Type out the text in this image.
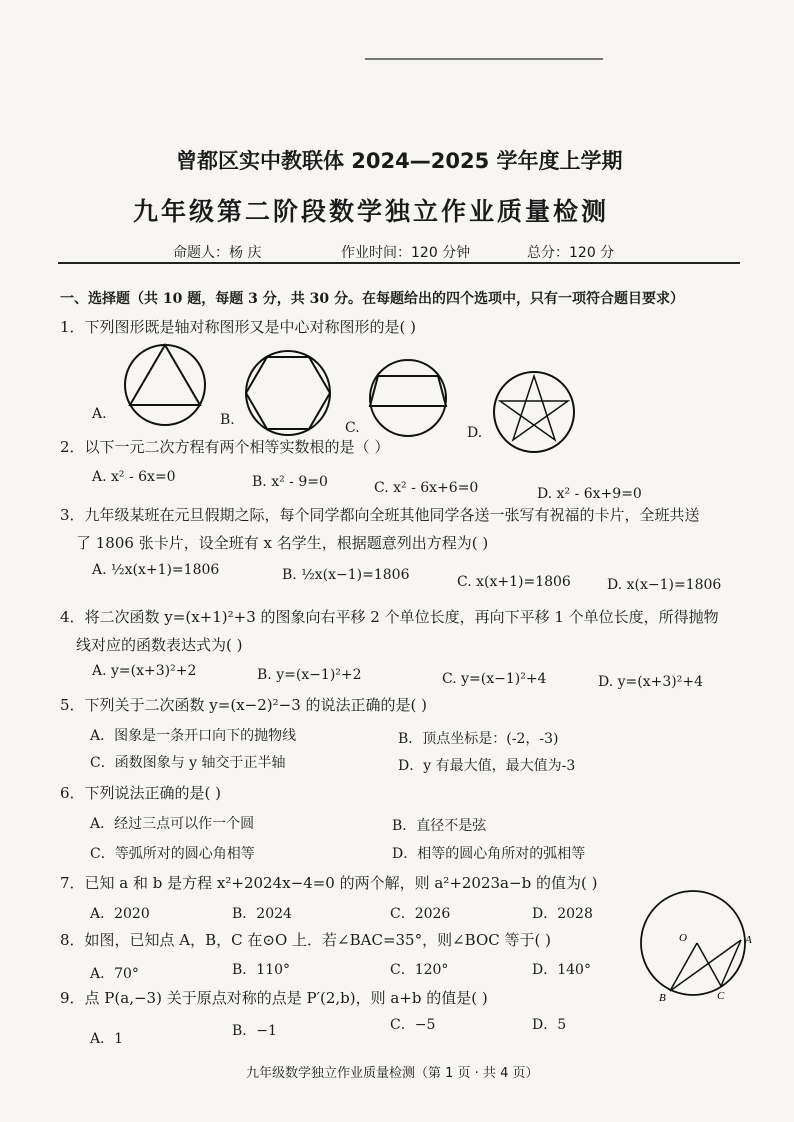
曾都区实中教联体 2024—2025 学年度上学期
九年级第二阶段数学独立作业质量检测
命题人：杨 庆	作业时间：120 分钟	总分：120 分
一、选择题（共 10 题，每题 3 分，共 30 分。在每题给出的四个选项中，只有一项符合题目要求）
1．下列图形既是轴对称图形又是中心对称图形的是( )
A.	B.	C.	D.
2．以下一元二次方程有两个相等实数根的是（ ）
A. x² - 6x=0	B. x² - 9=0	C. x² - 6x+6=0	D. x² - 6x+9=0
3．九年级某班在元旦假期之际，每个同学都向全班其他同学各送一张写有祝福的卡片，全班共送
了 1806 张卡片，设全班有 x 名学生，根据题意列出方程为( )
A. ½x(x+1)=1806	B. ½x(x−1)=1806	C. x(x+1)=1806	D. x(x−1)=1806
4．将二次函数 y=(x+1)²+3 的图象向右平移 2 个单位长度，再向下平移 1 个单位长度，所得抛物
线对应的函数表达式为( )
A. y=(x+3)²+2	B. y=(x−1)²+2	C. y=(x−1)²+4	D. y=(x+3)²+4
5．下列关于二次函数 y=(x−2)²−3 的说法正确的是( )
A．图象是一条开口向下的抛物线	B．顶点坐标是：(-2，-3)
C．函数图象与 y 轴交于正半轴	D．y 有最大值，最大值为-3
6．下列说法正确的是( )
A．经过三点可以作一个圆	B．直径不是弦
C．等弧所对的圆心角相等	D．相等的圆心角所对的弧相等
7．已知 a 和 b 是方程 x²+2024x−4=0 的两个解，则 a²+2023a−b 的值为( )
A．2020	B．2024	C．2026	D．2028
8．如图，已知点 A，B，C 在⊙O 上．若∠BAC=35°，则∠BOC 等于( )
A．70°	B．110°	C．120°	D．140°
O	A
B	C
9．点 P(a,−3) 关于原点对称的点是 P′(2,b)，则 a+b 的值是( )
A．1	B．−1	C．−5	D．5
九年级数学独立作业质量检测（第 1 页 · 共 4 页）
